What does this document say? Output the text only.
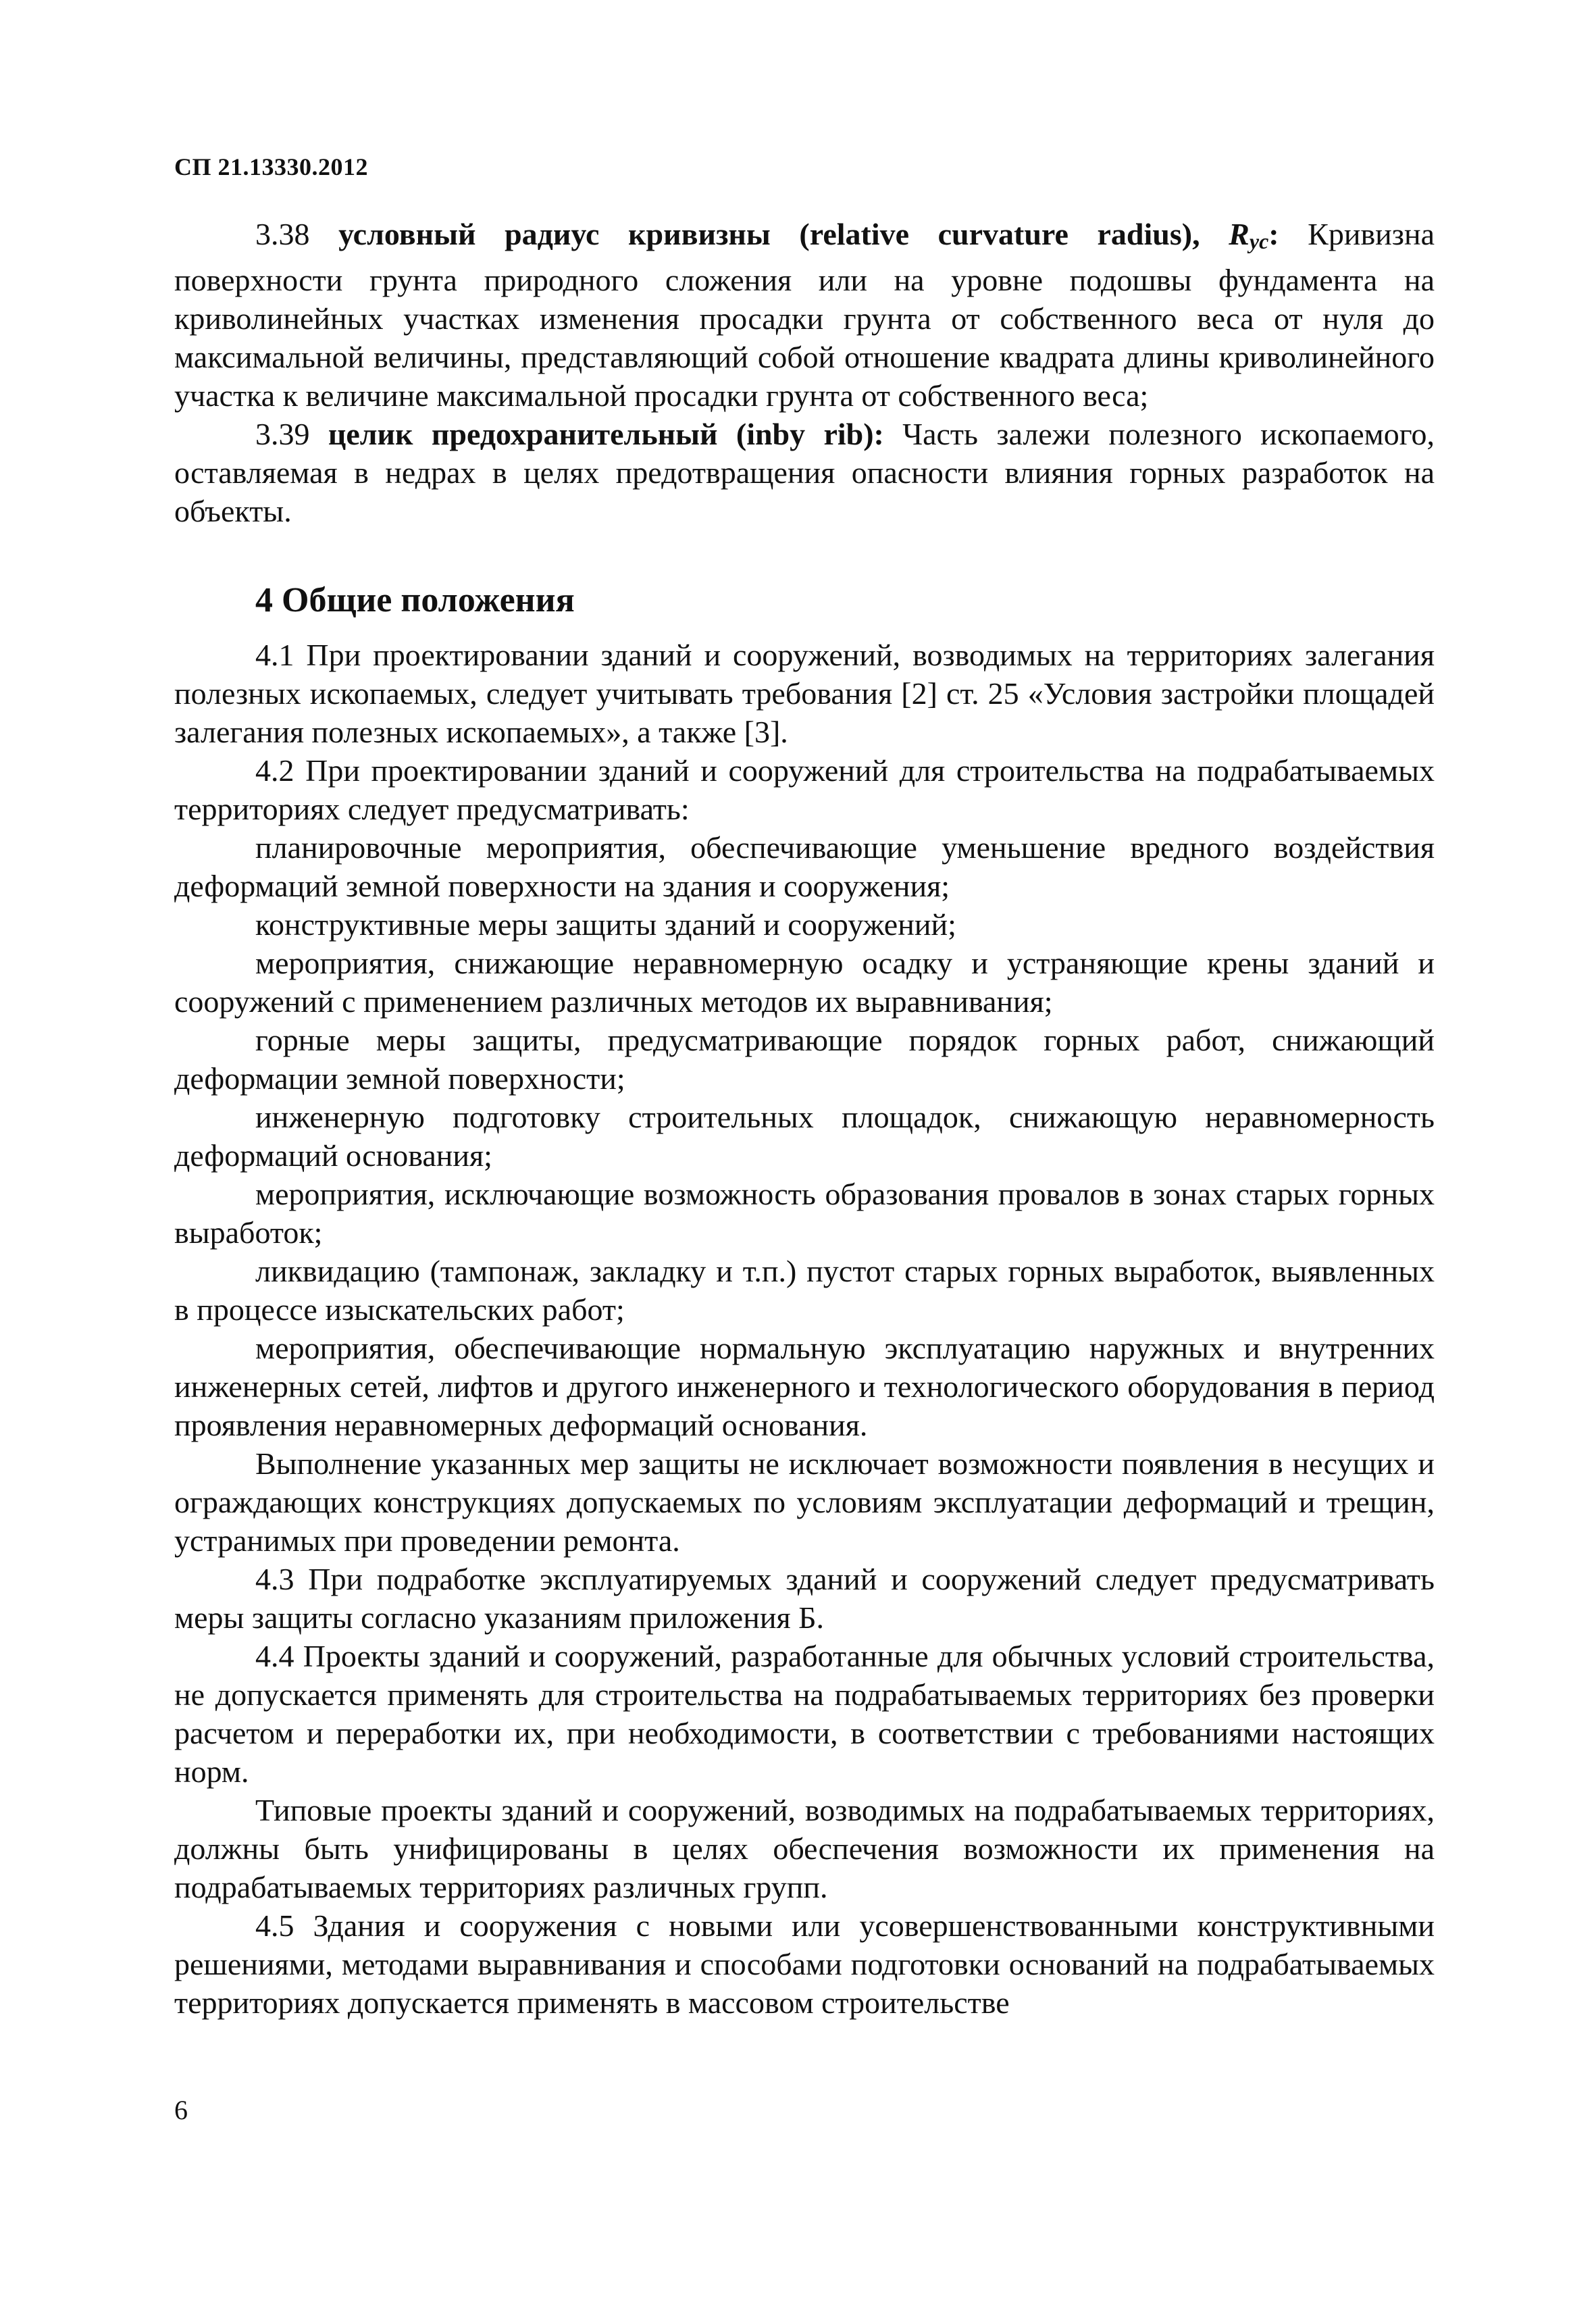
СП 21.13330.2012

3.38 условный радиус кривизны (relative curvature radius), $R_{yc}$: Кривизна поверхности грунта природного сложения или на уровне подошвы фундамента на криволинейных участках изменения просадки грунта от собственного веса от нуля до максимальной величины, представляющий собой отношение квадрата длины криволинейного участка к величине максимальной просадки грунта от собственного веса;

3.39 целик предохранительный (inby rib): Часть залежи полезного ископаемого, оставляемая в недрах в целях предотвращения опасности влияния горных разработок на объекты.

4 Общие положения

4.1 При проектировании зданий и сооружений, возводимых на территориях залегания полезных ископаемых, следует учитывать требования [2] ст. 25 «Условия застройки площадей залегания полезных ископаемых», а также [3].

4.2 При проектировании зданий и сооружений для строительства на подрабатываемых территориях следует предусматривать:

планировочные мероприятия, обеспечивающие уменьшение вредного воздействия деформаций земной поверхности на здания и сооружения;

конструктивные меры защиты зданий и сооружений;

мероприятия, снижающие неравномерную осадку и устраняющие крены зданий и сооружений с применением различных методов их выравнивания;

горные меры защиты, предусматривающие порядок горных работ, снижающий деформации земной поверхности;

инженерную подготовку строительных площадок, снижающую неравномерность деформаций основания;

мероприятия, исключающие возможность образования провалов в зонах старых горных выработок;

ликвидацию (тампонаж, закладку и т.п.) пустот старых горных выработок, выявленных в процессе изыскательских работ;

мероприятия, обеспечивающие нормальную эксплуатацию наружных и внутренних инженерных сетей, лифтов и другого инженерного и технологического оборудования в период проявления неравномерных деформаций основания.

Выполнение указанных мер защиты не исключает возможности появления в несущих и ограждающих конструкциях допускаемых по условиям эксплуатации деформаций и трещин, устранимых при проведении ремонта.

4.3 При подработке эксплуатируемых зданий и сооружений следует предусматривать меры защиты согласно указаниям приложения Б.

4.4 Проекты зданий и сооружений, разработанные для обычных условий строительства, не допускается применять для строительства на подрабатываемых территориях без проверки расчетом и переработки их, при необходимости, в соответствии с требованиями настоящих норм.

Типовые проекты зданий и сооружений, возводимых на подрабатываемых территориях, должны быть унифицированы в целях обеспечения возможности их применения на подрабатываемых территориях различных групп.

4.5 Здания и сооружения с новыми или усовершенствованными конструктивными решениями, методами выравнивания и способами подготовки оснований на подрабатываемых территориях допускается применять в массовом строительстве

6
